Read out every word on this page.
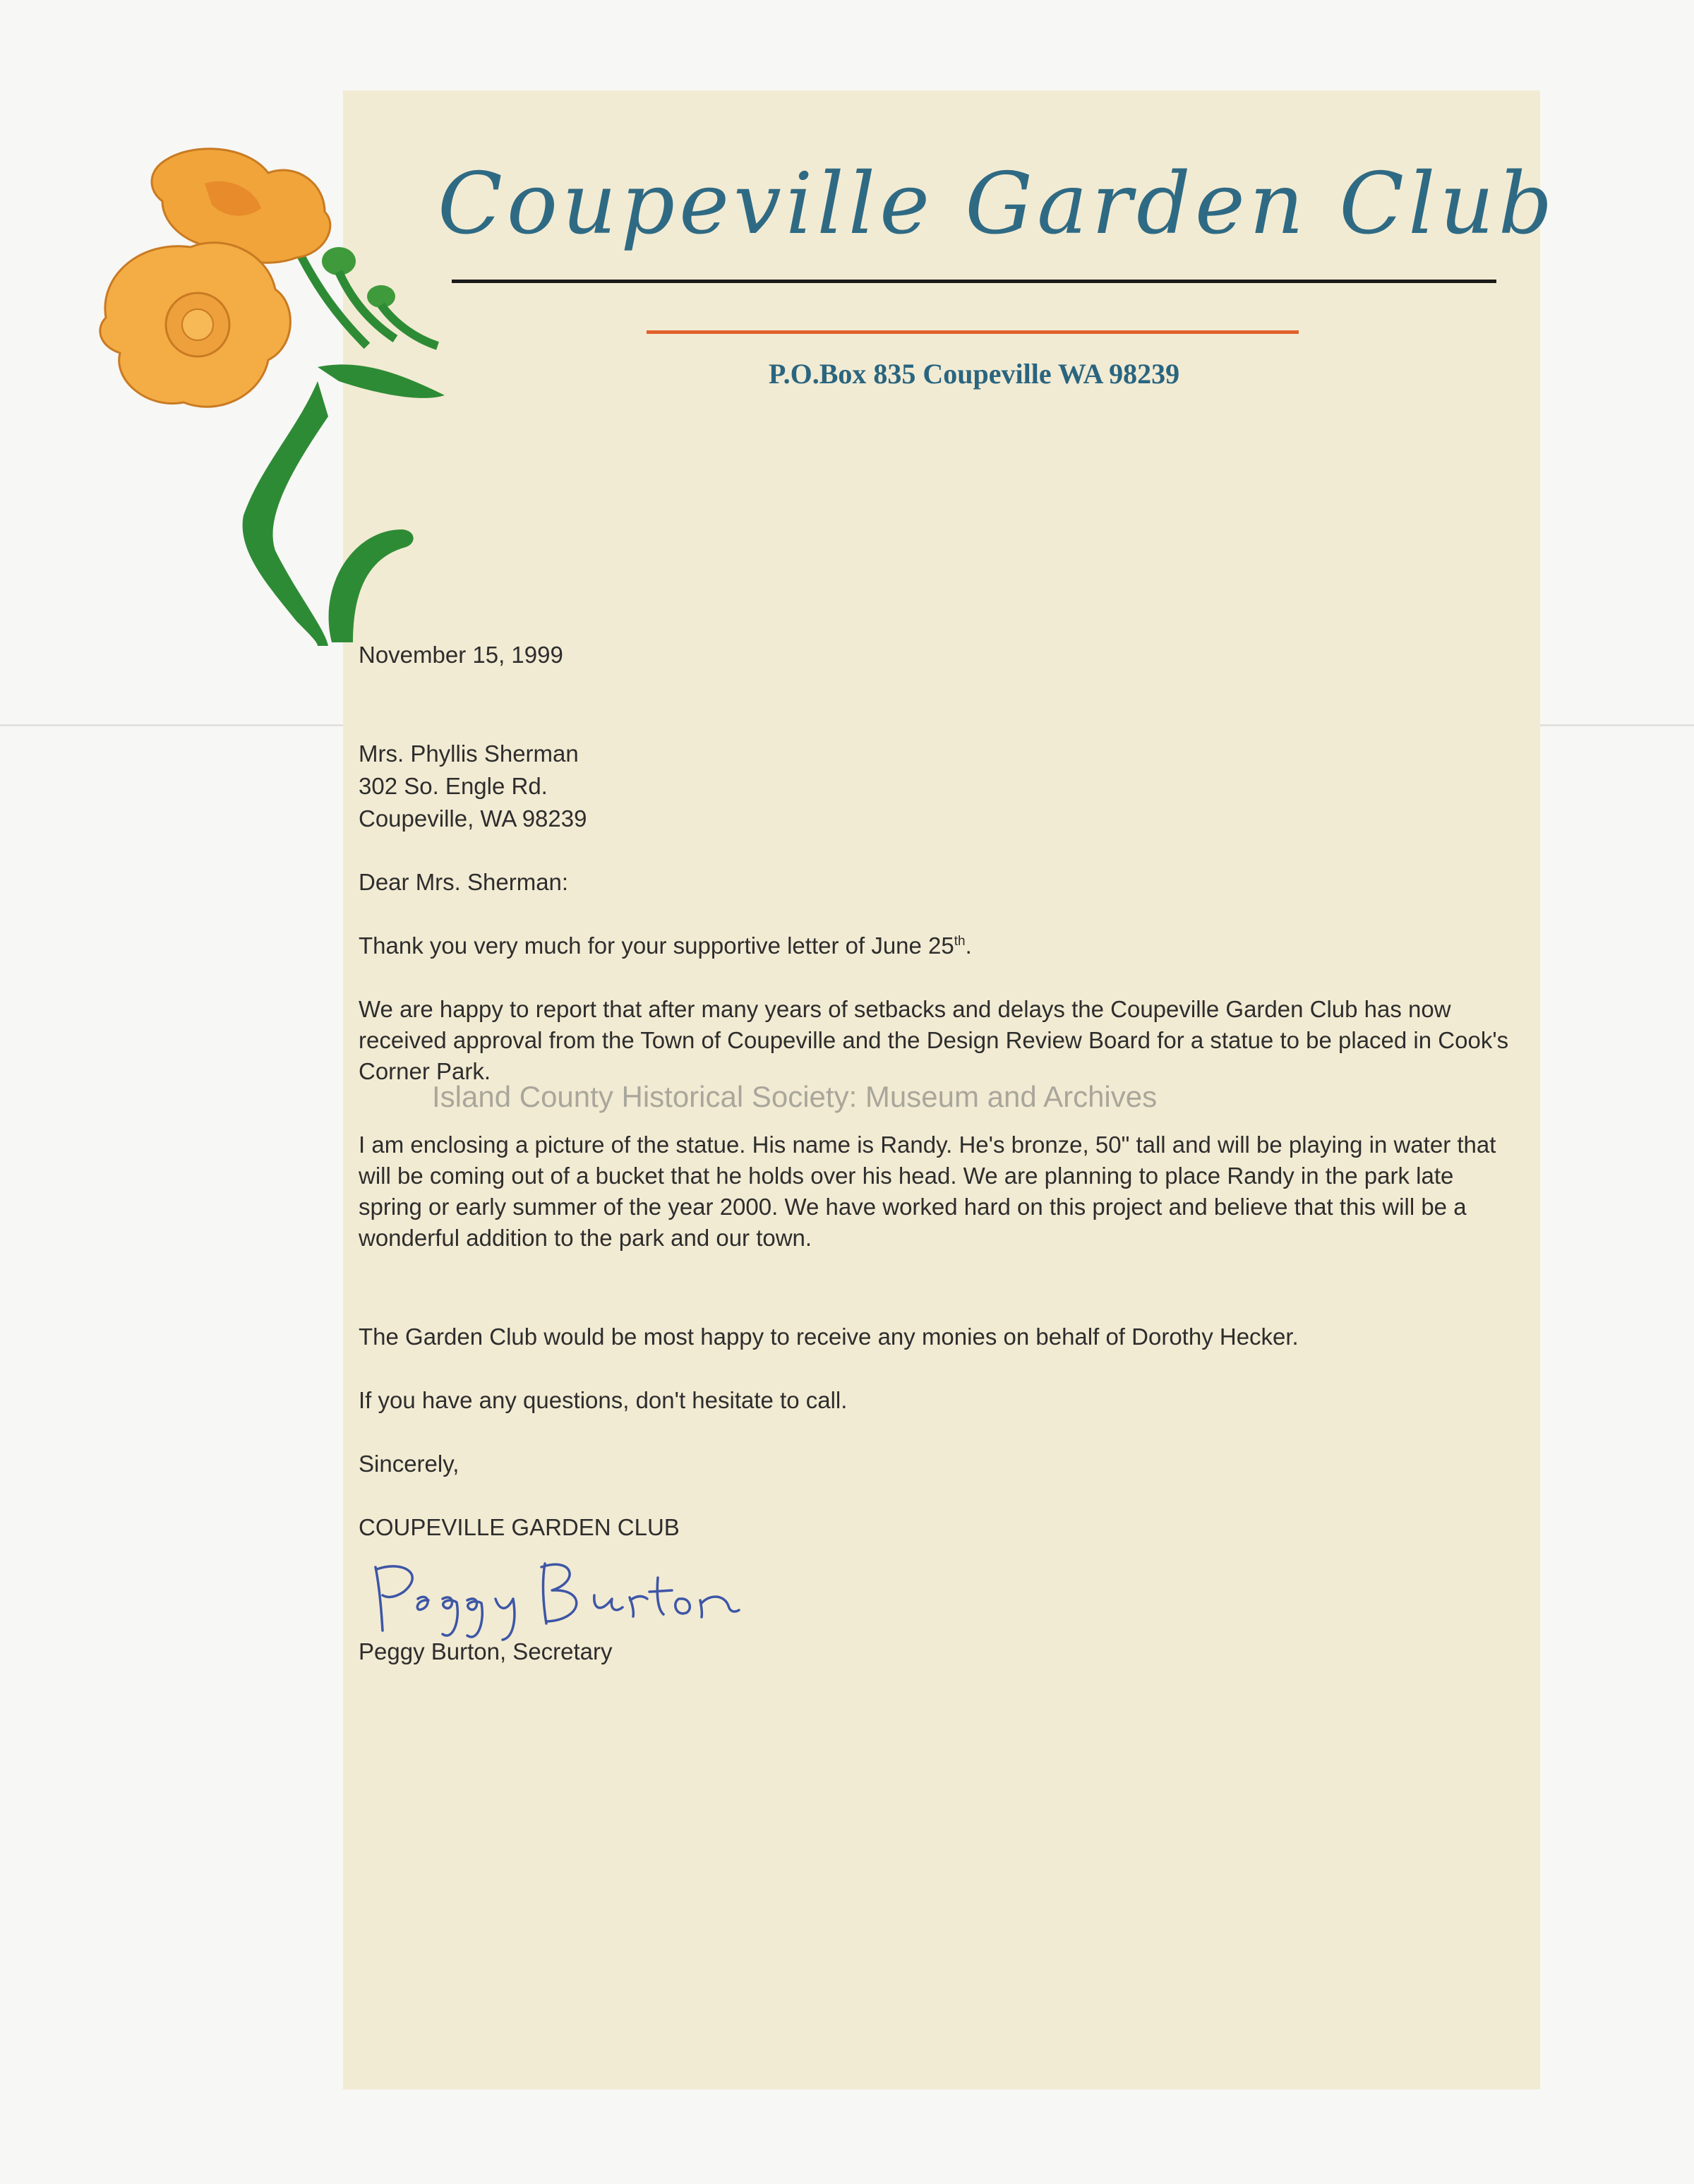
Coupeville Garden Club
P.O.Box 835 Coupeville WA 98239
November 15, 1999
Mrs. Phyllis Sherman
302 So. Engle Rd.
Coupeville, WA 98239
Dear Mrs. Sherman:
Thank you very much for your supportive letter of June 25th.
We are happy to report that after many years of setbacks and delays the Coupeville Garden Club has now received approval from the Town of Coupeville and the Design Review Board for a statue to be placed in Cook's Corner Park.
Island County Historical Society: Museum and Archives
I am enclosing a picture of the statue. His name is Randy. He's bronze, 50" tall and will be playing in water that will be coming out of a bucket that he holds over his head. We are planning to place Randy in the park late spring or early summer of the year 2000. We have worked hard on this project and believe that this will be a wonderful addition to the park and our town.
The Garden Club would be most happy to receive any monies on behalf of Dorothy Hecker.
If you have any questions, don't hesitate to call.
Sincerely,
COUPEVILLE GARDEN CLUB
Peggy Burton, Secretary
